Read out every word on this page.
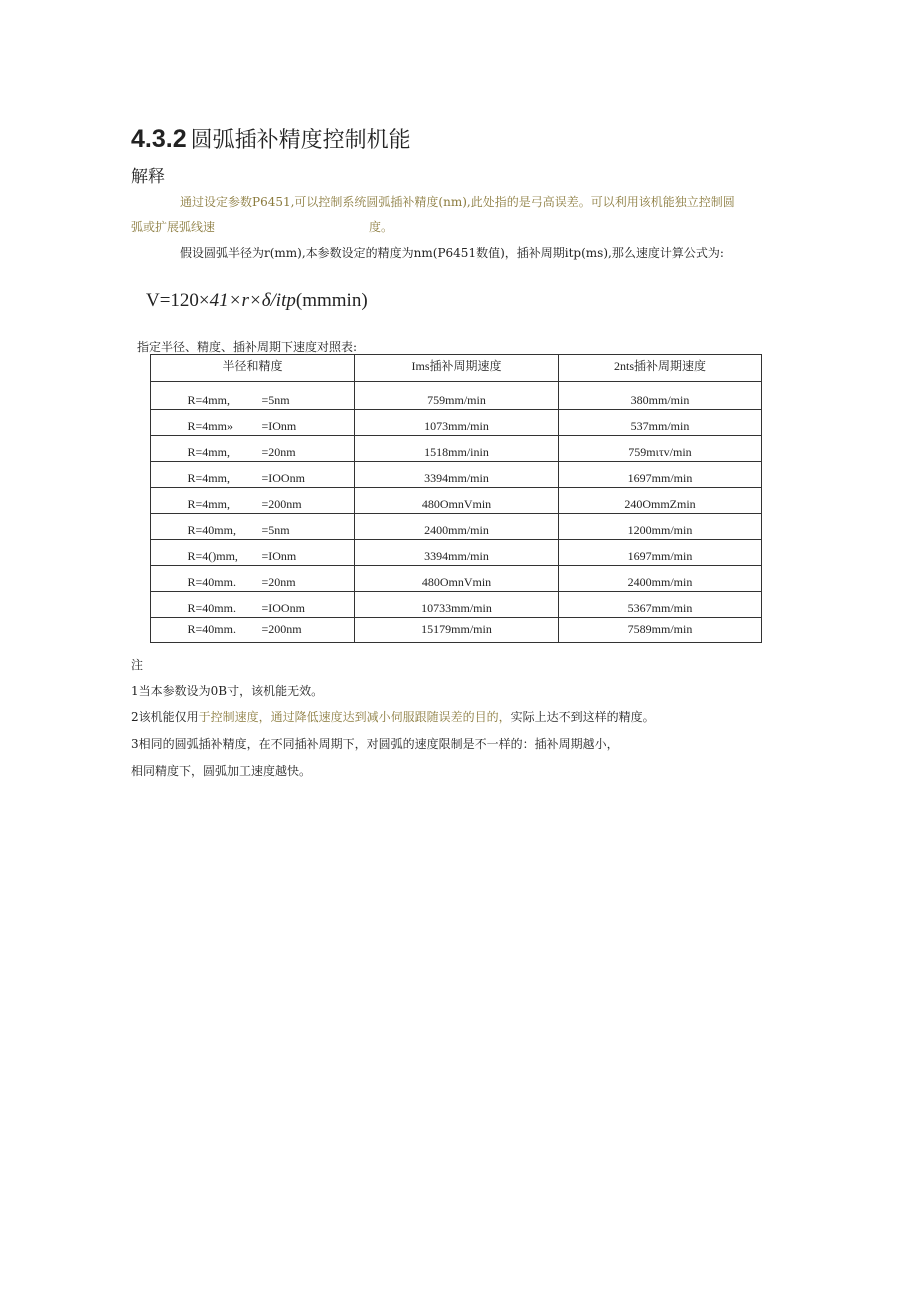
4.3.2 圆弧插补精度控制机能
解释
通过设定参数P6451,可以控制系统圆弧插补精度(nm),此处指的是弓高误差。可以利用该机能独立控制圆
弧或扩展弧线速	度。
假设圆弧半径为r(mm),本参数设定的精度为nm(P6451数值)，插补周期itp(ms),那么速度计算公式为:
V=120×41×r×δ/itp(mmmin)
指定半径、精度、插补周期下速度对照表:
半径和精度	Ims插补周期速度	2nts插补周期速度
R=4mm, =5nm	759mm/min	380mm/min
R=4mm» =IOnm	1073mm/min	537mm/min
R=4mm, =20nm	1518mm/inin	759mιτv/min
R=4mm, =IOOnm	3394mm/min	1697mm/min
R=4mm, =200nm	480OmnVmin	240OmmZmin
R=40mm, =5nm	2400mm/min	1200mm/min
R=4()mm, =IOnm	3394mm/min	1697mm/min
R=40mm. =20nm	480OmnVmin	2400mm/min
R=40mm. =IOOnm	10733mm/min	5367mm/min
R=40mm. =200nm	15179mm/min	7589mm/min
注
1当本参数设为0B寸，该机能无效。
2该机能仅用于控制速度，通过降低速度达到减小伺服跟随误差的目的，实际上达不到这样的精度。
3相同的圆弧插补精度，在不同插补周期下，对圆弧的速度限制是不一样的：插补周期越小，
相同精度下，圆弧加工速度越快。
